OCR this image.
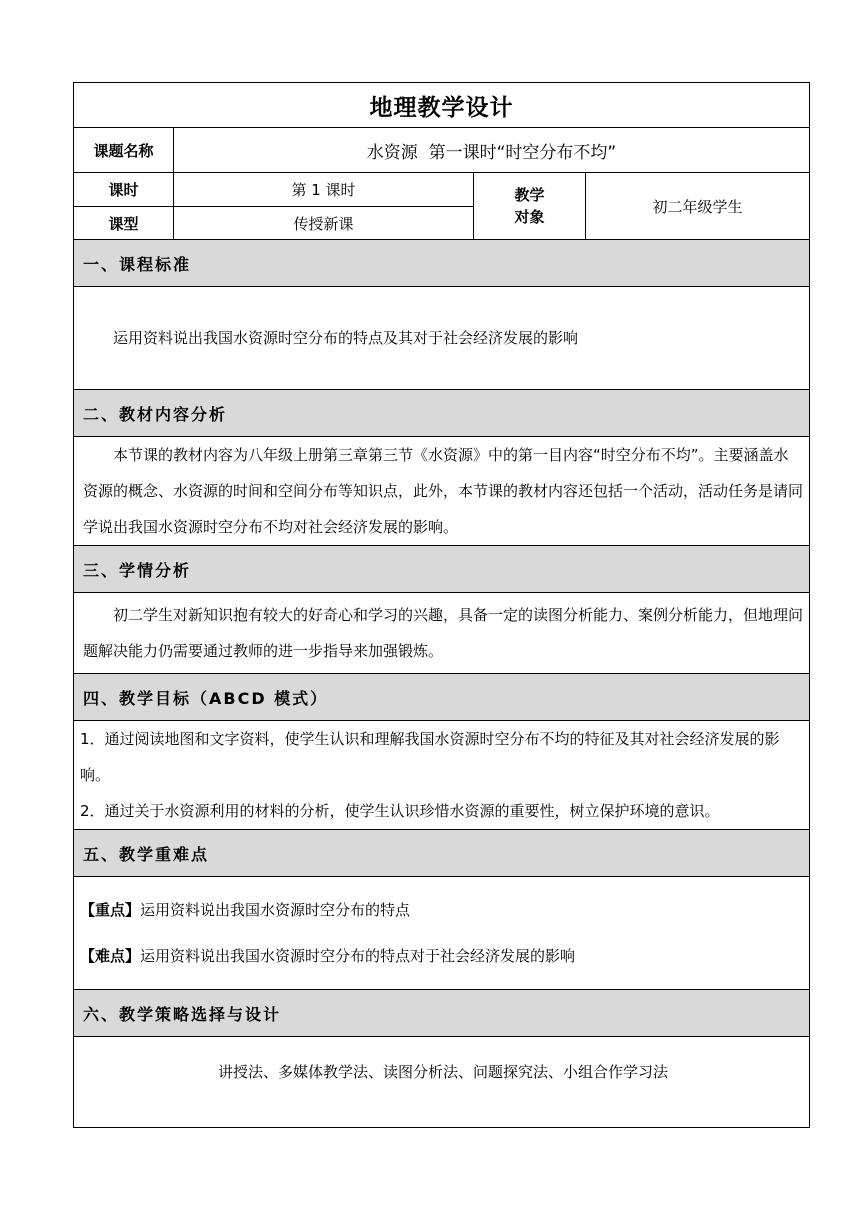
地理教学设计			
课题名称	水资源  第一课时“时空分布不均”		
课时	第 1 课时	教学对象	初二年级学生
课型	传授新课		
一、课程标准			

运用资料说出我国水资源时空分布的特点及其对于社会经济发展的影响			

二、教材内容分析			

本节课的教材内容为八年级上册第三章第三节《水资源》中的第一目内容“时空分布不均”。主要涵盖水资源的概念、水资源的时间和空间分布等知识点，此外，本节课的教材内容还包括一个活动，活动任务是请同学说出我国水资源时空分布不均对社会经济发展的影响。			

三、学情分析			

初二学生对新知识抱有较大的好奇心和学习的兴趣，具备一定的读图分析能力、案例分析能力，但地理问题解决能力仍需要通过教师的进一步指导来加强锻炼。			

四、教学目标（ABCD 模式）			

1．通过阅读地图和文字资料，使学生认识和理解我国水资源时空分布不均的特征及其对社会经济发展的影响。

2．通过关于水资源利用的材料的分析，使学生认识珍惜水资源的重要性，树立保护环境的意识。			

五、教学重难点			

【重点】运用资料说出我国水资源时空分布的特点

【难点】运用资料说出我国水资源时空分布的特点对于社会经济发展的影响			

六、教学策略选择与设计			

讲授法、多媒体教学法、读图分析法、问题探究法、小组合作学习法			
